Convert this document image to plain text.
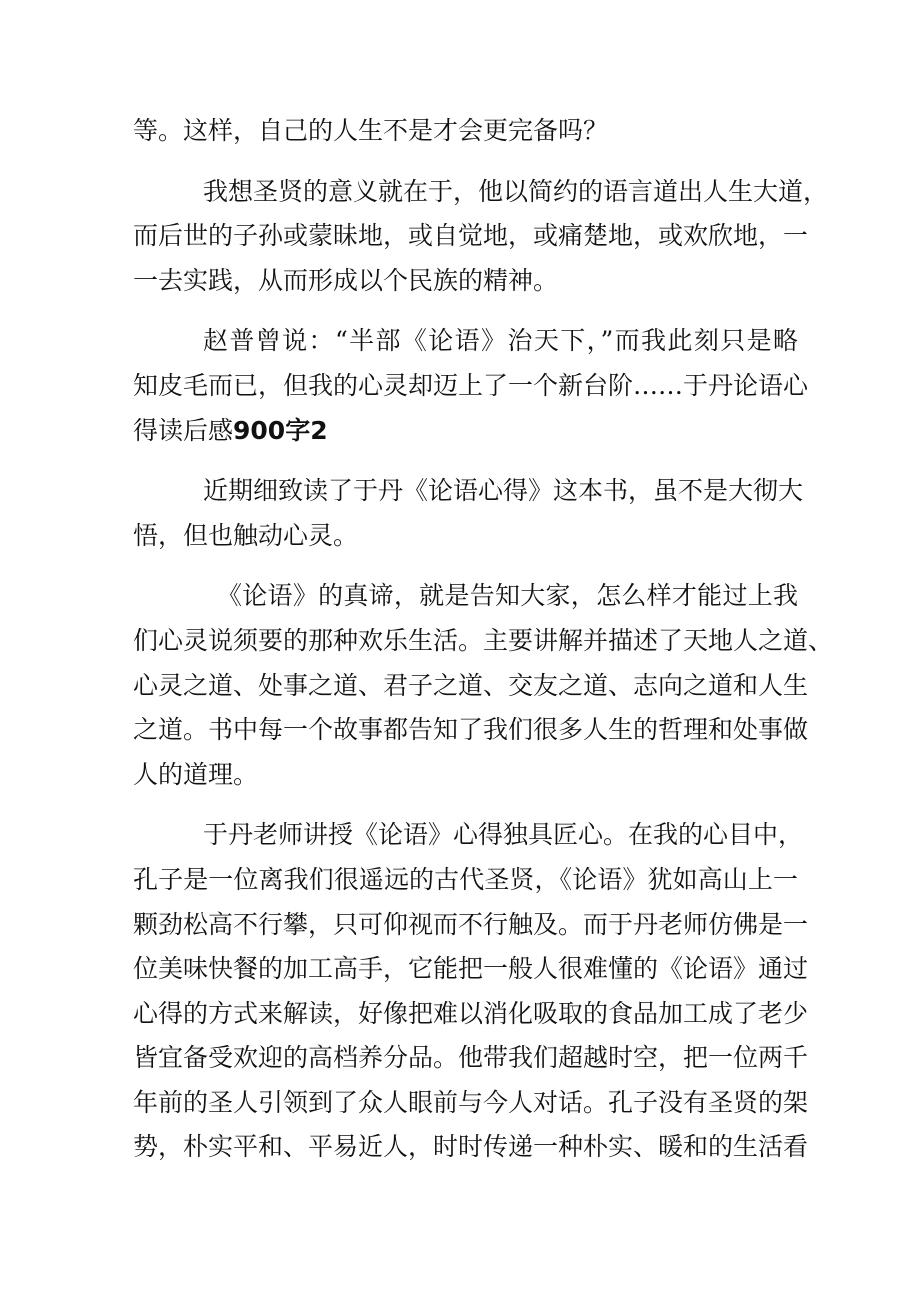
等。这样，自己的人生不是才会更完备吗？
我想圣贤的意义就在于，他以简约的语言道出人生大道，
而后世的子孙或蒙昧地，或自觉地，或痛楚地，或欢欣地，一
一去实践，从而形成以个民族的精神。
赵普曾说：“半部《论语》治天下，”而我此刻只是略
知皮毛而已，但我的心灵却迈上了一个新台阶……于丹论语心
得读后感900字2
近期细致读了于丹《论语心得》这本书，虽不是大彻大
悟，但也触动心灵。
《论语》的真谛，就是告知大家，怎么样才能过上我
们心灵说须要的那种欢乐生活。主要讲解并描述了天地人之道、
心灵之道、处事之道、君子之道、交友之道、志向之道和人生
之道。书中每一个故事都告知了我们很多人生的哲理和处事做
人的道理。
于丹老师讲授《论语》心得独具匠心。在我的心目中，
孔子是一位离我们很遥远的古代圣贤，《论语》犹如高山上一
颗劲松高不行攀，只可仰视而不行触及。而于丹老师仿佛是一
位美味快餐的加工高手，它能把一般人很难懂的《论语》通过
心得的方式来解读，好像把难以消化吸取的食品加工成了老少
皆宜备受欢迎的高档养分品。他带我们超越时空，把一位两千
年前的圣人引领到了众人眼前与今人对话。孔子没有圣贤的架
势，朴实平和、平易近人，时时传递一种朴实、暖和的生活看
